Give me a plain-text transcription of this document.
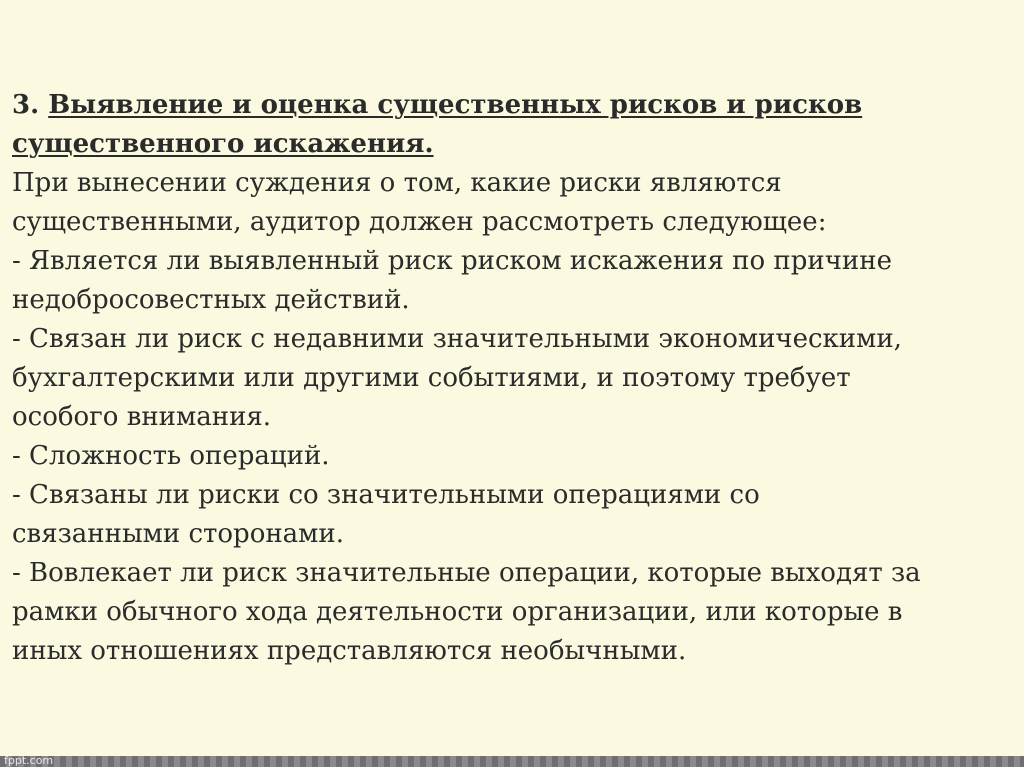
3. Выявление и оценка существенных рисков и рисков
существенного искажения.
При вынесении суждения о том, какие риски являются
существенными, аудитор должен рассмотреть следующее:
- Является ли выявленный риск риском искажения по причине
недобросовестных действий.
- Связан ли риск с недавними значительными экономическими,
бухгалтерскими или другими событиями, и поэтому требует
особого внимания.
- Сложность операций.
- Связаны ли риски со значительными операциями со
связанными сторонами.
- Вовлекает ли риск значительные операции, которые выходят за
рамки обычного хода деятельности организации, или которые в
иных отношениях представляются необычными.
fppt.com
